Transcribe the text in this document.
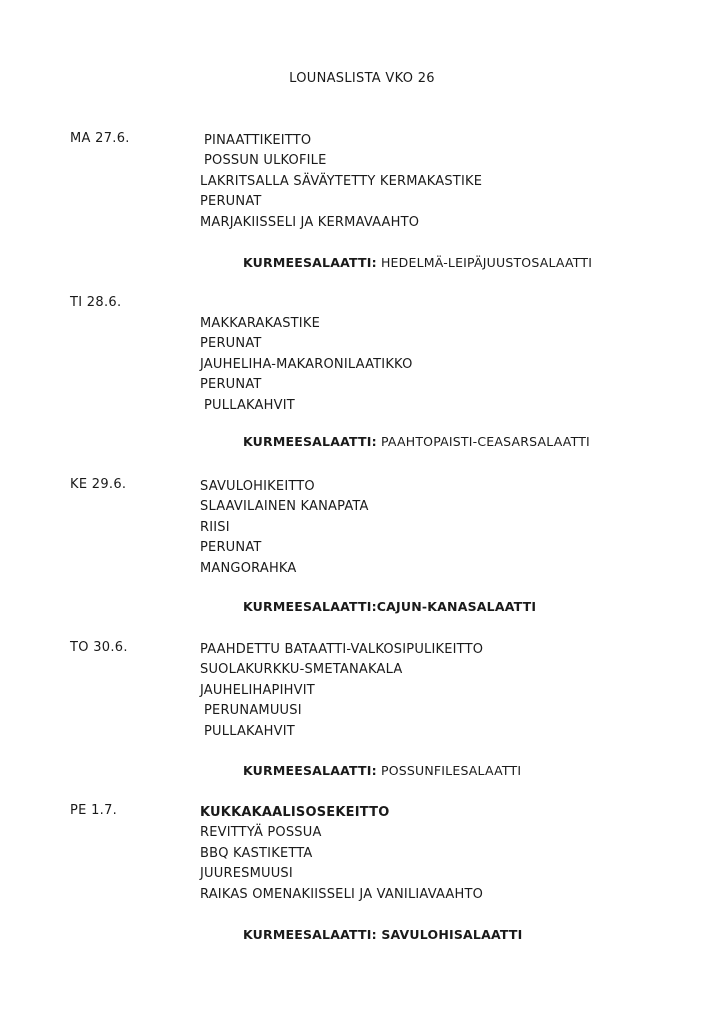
LOUNASLISTA VKO 26
MA 27.6.	PINAATTIKEITTO
POSSUN ULKOFILE
LAKRITSALLA SÄVÄYTETTY KERMAKASTIKE
PERUNAT
MARJAKIISSELI JA KERMAVAAHTO
KURMEESALAATTI: HEDELMÄ-LEIPÄJUUSTOSALAATTI
TI 28.6.
MAKKARAKASTIKE
PERUNAT
JAUHELIHA-MAKARONILAATIKKO
PERUNAT
PULLAKAHVIT
KURMEESALAATTI: PAAHTOPAISTI-CEASARSALAATTI
KE 29.6.	SAVULOHIKEITTO
SLAAVILAINEN KANAPATA
RIISI
PERUNAT
MANGORAHKA
KURMEESALAATTI:CAJUN-KANASALAATTI
TO 30.6.	PAAHDETTU BATAATTI-VALKOSIPULIKEITTO
SUOLAKURKKU-SMETANAKALA
JAUHELIHAPIHVIT
PERUNAMUUSI
PULLAKAHVIT
KURMEESALAATTI: POSSUNFILESALAATTI
PE 1.7.	KUKKAKAALISOSEKEITTO
REVITTYÄ POSSUA
BBQ KASTIKETTA
JUURESMUUSI
RAIKAS OMENAKIISSELI JA VANILIAVAAHTO
KURMEESALAATTI: SAVULOHISALAATTI
